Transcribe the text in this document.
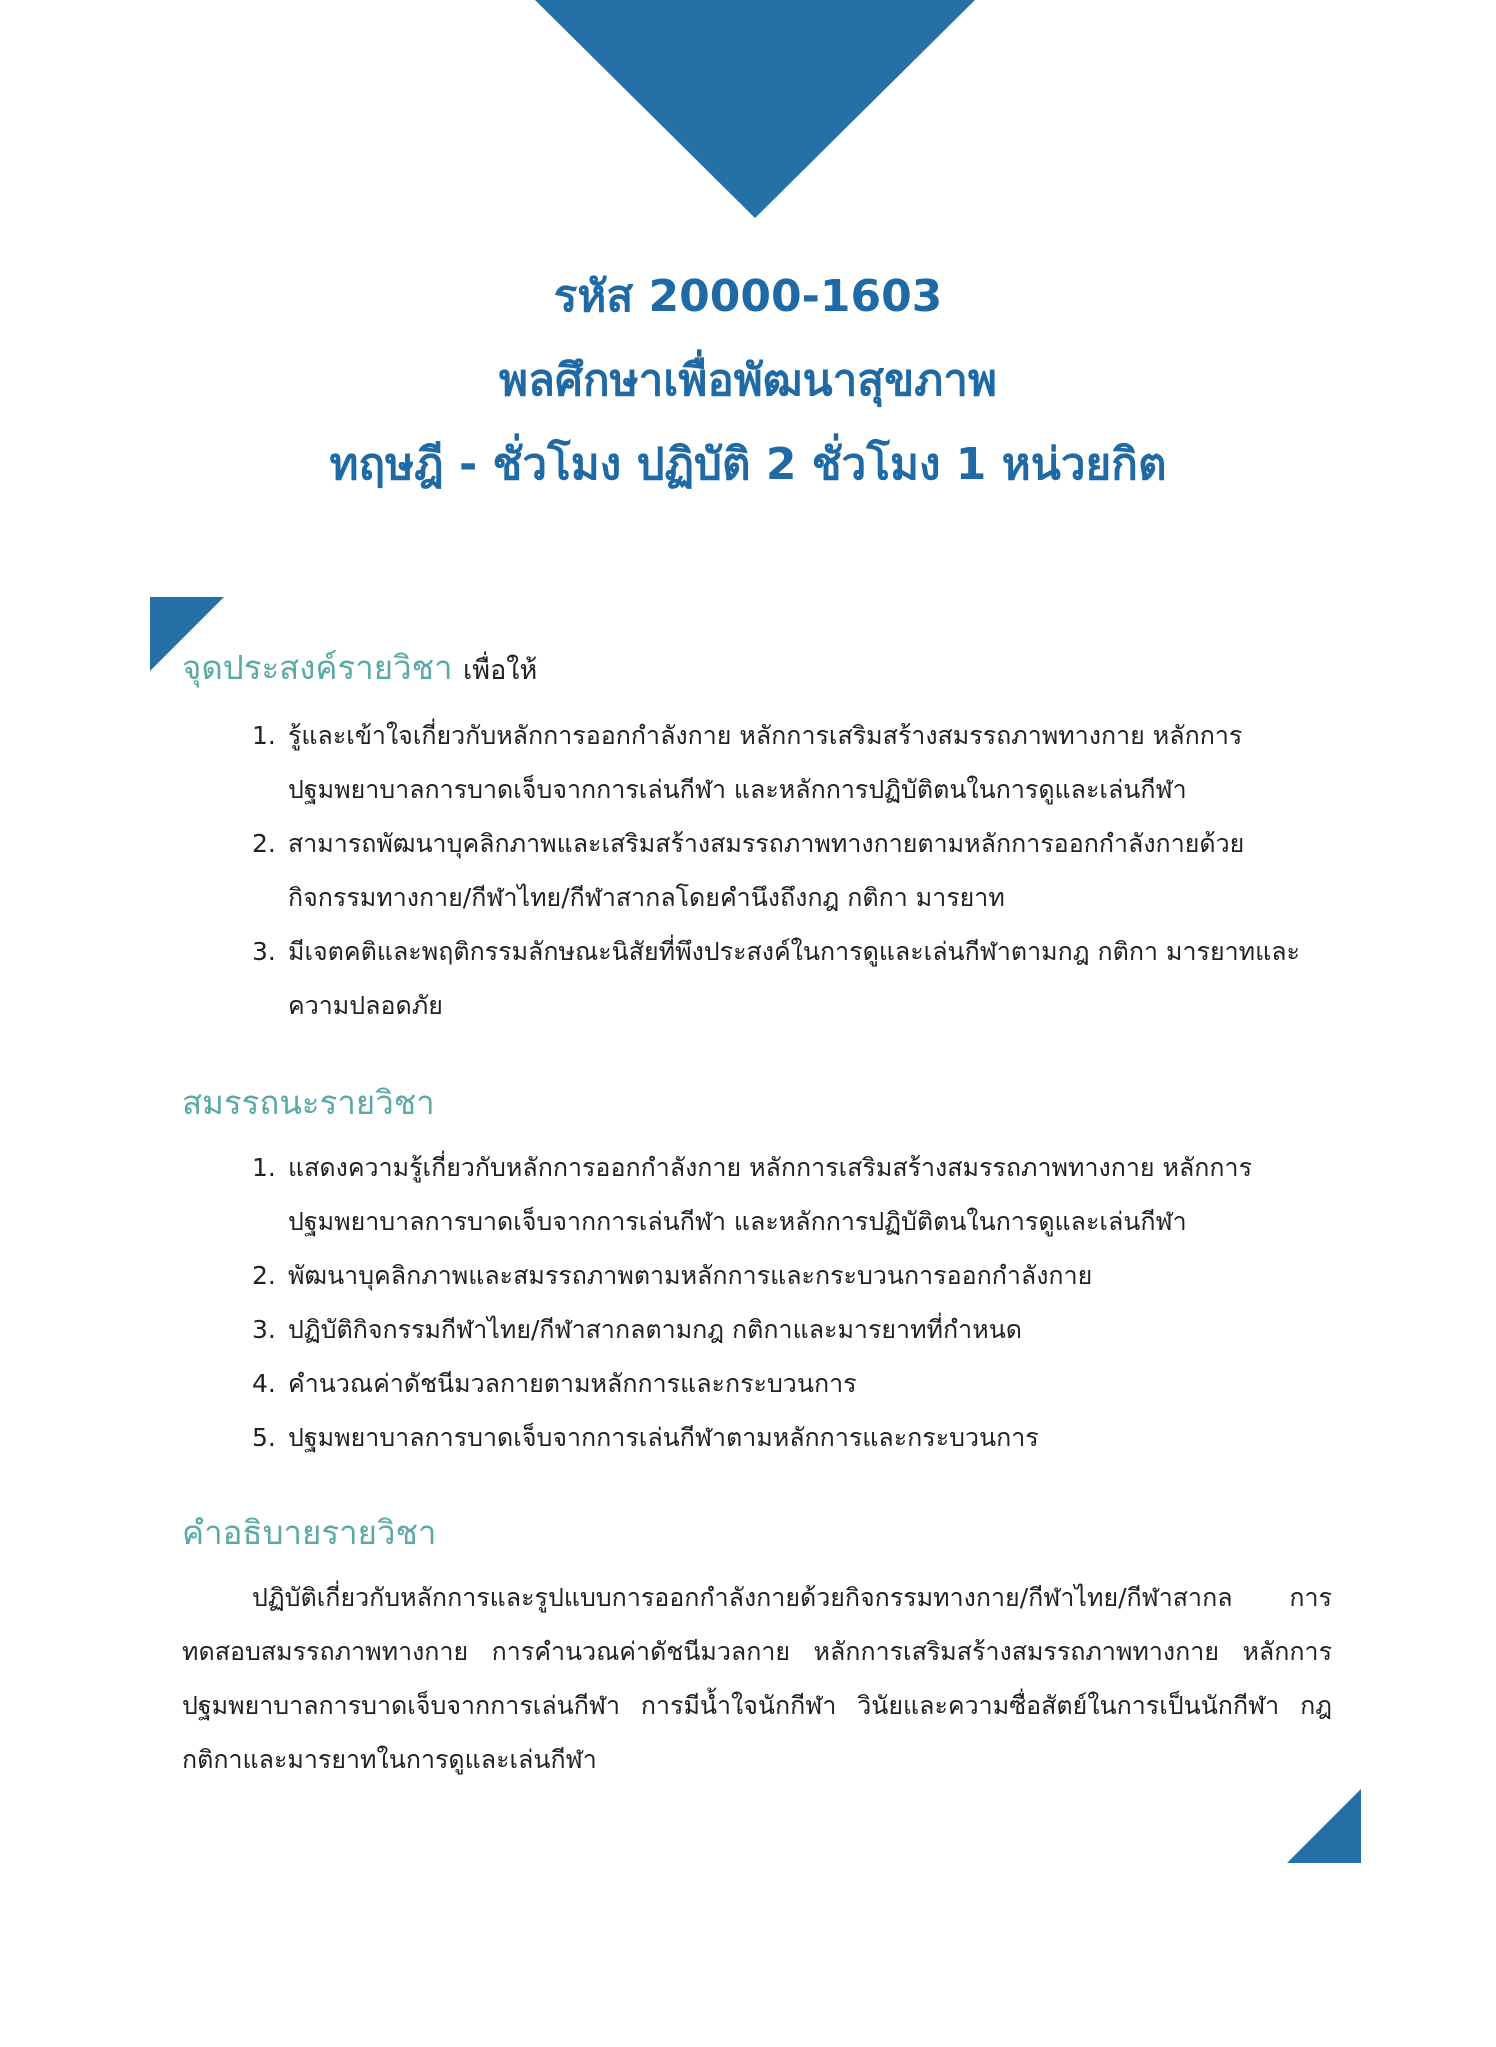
รหัส 20000-1603
พลศึกษาเพื่อพัฒนาสุขภาพ
ทฤษฎี - ชั่วโมง ปฏิบัติ 2 ชั่วโมง 1 หน่วยกิต
จุดประสงค์รายวิชา เพื่อให้
1. รู้และเข้าใจเกี่ยวกับหลักการออกกำลังกาย หลักการเสริมสร้างสมรรถภาพทางกาย หลักการปฐมพยาบาลการบาดเจ็บจากการเล่นกีฬา และหลักการปฏิบัติตนในการดูและเล่นกีฬา
2. สามารถพัฒนาบุคลิกภาพและเสริมสร้างสมรรถภาพทางกายตามหลักการออกกำลังกายด้วยกิจกรรมทางกาย/กีฬาไทย/กีฬาสากลโดยคำนึงถึงกฎ กติกา มารยาท
3. มีเจตคติและพฤติกรรมลักษณะนิสัยที่พึงประสงค์ในการดูและเล่นกีฬาตามกฎ กติกา มารยาทและความปลอดภัย
สมรรถนะรายวิชา
1. แสดงความรู้เกี่ยวกับหลักการออกกำลังกาย หลักการเสริมสร้างสมรรถภาพทางกาย หลักการปฐมพยาบาลการบาดเจ็บจากการเล่นกีฬา และหลักการปฏิบัติตนในการดูและเล่นกีฬา
2. พัฒนาบุคลิกภาพและสมรรถภาพตามหลักการและกระบวนการออกกำลังกาย
3. ปฏิบัติกิจกรรมกีฬาไทย/กีฬาสากลตามกฎ กติกาและมารยาทที่กำหนด
4. คำนวณค่าดัชนีมวลกายตามหลักการและกระบวนการ
5. ปฐมพยาบาลการบาดเจ็บจากการเล่นกีฬาตามหลักการและกระบวนการ
คำอธิบายรายวิชา

ปฏิบัติเกี่ยวกับหลักการและรูปแบบการออกกำลังกายด้วยกิจกรรมทางกาย/กีฬาไทย/กีฬาสากล การทดสอบสมรรถภาพทางกาย การคำนวณค่าดัชนีมวลกาย หลักการเสริมสร้างสมรรถภาพทางกาย หลักการปฐมพยาบาลการบาดเจ็บจากการเล่นกีฬา การมีน้ำใจนักกีฬา วินัยและความซื่อสัตย์ในการเป็นนักกีฬา กฎกติกาและมารยาทในการดูและเล่นกีฬา
